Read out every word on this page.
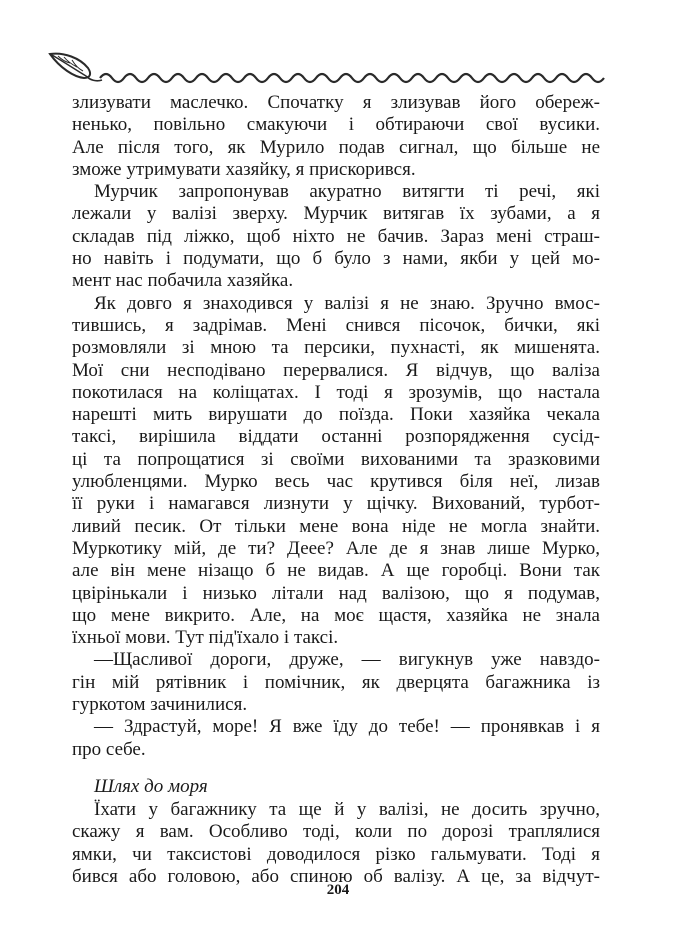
злизувати маслечко. Спочатку я злизував його обереж-
ненько, повільно смакуючи і обтираючи свої вусики.
Але після того, як Мурило подав сигнал, що більше не
зможе утримувати хазяйку, я прискорився.
Мурчик запропонував акуратно витягти ті речі, які
лежали у валізі зверху. Мурчик витягав їх зубами, а я
складав під ліжко, щоб ніхто не бачив. Зараз мені страш-
но навіть і подумати, що б було з нами, якби у цей мо-
мент нас побачила хазяйка.
Як довго я знаходився у валізі я не знаю. Зручно вмос-
тившись, я задрімав. Мені снився пісочок, бички, які
розмовляли зі мною та персики, пухнасті, як мишенята.
Мої сни несподівано перервалися. Я відчув, що валіза
покотилася на коліщатах. І тоді я зрозумів, що настала
нарешті мить вирушати до поїзда. Поки хазяйка чекала
таксі, вирішила віддати останні розпорядження сусід-
ці та попрощатися зі своїми вихованими та зразковими
улюбленцями. Мурко весь час крутився біля неї, лизав
її руки і намагався лизнути у щічку. Вихований, турбот-
ливий песик. От тільки мене вона ніде не могла знайти.
Муркотику мій, де ти? Деее? Але де я знав лише Мурко,
але він мене нізащо б не видав. А ще горобці. Вони так
цвірінькали і низько літали над валізою, що я подумав,
що мене викрито. Але, на моє щастя, хазяйка не знала
їхньої мови. Тут під'їхало і таксі.
—Щасливої дороги, друже, — вигукнув уже навздо-
гін мій рятівник і помічник, як дверцята багажника із
гуркотом зачинилися.
— Здрастуй, море! Я вже їду до тебе! — пронявкав і я
про себе.
Шлях до моря
Їхати у багажнику та ще й у валізі, не досить зручно,
скажу я вам. Особливо тоді, коли по дорозі траплялися
ямки, чи таксистові доводилося різко гальмувати. Тоді я
бився або головою, або спиною об валізу. А це, за відчут-
204
